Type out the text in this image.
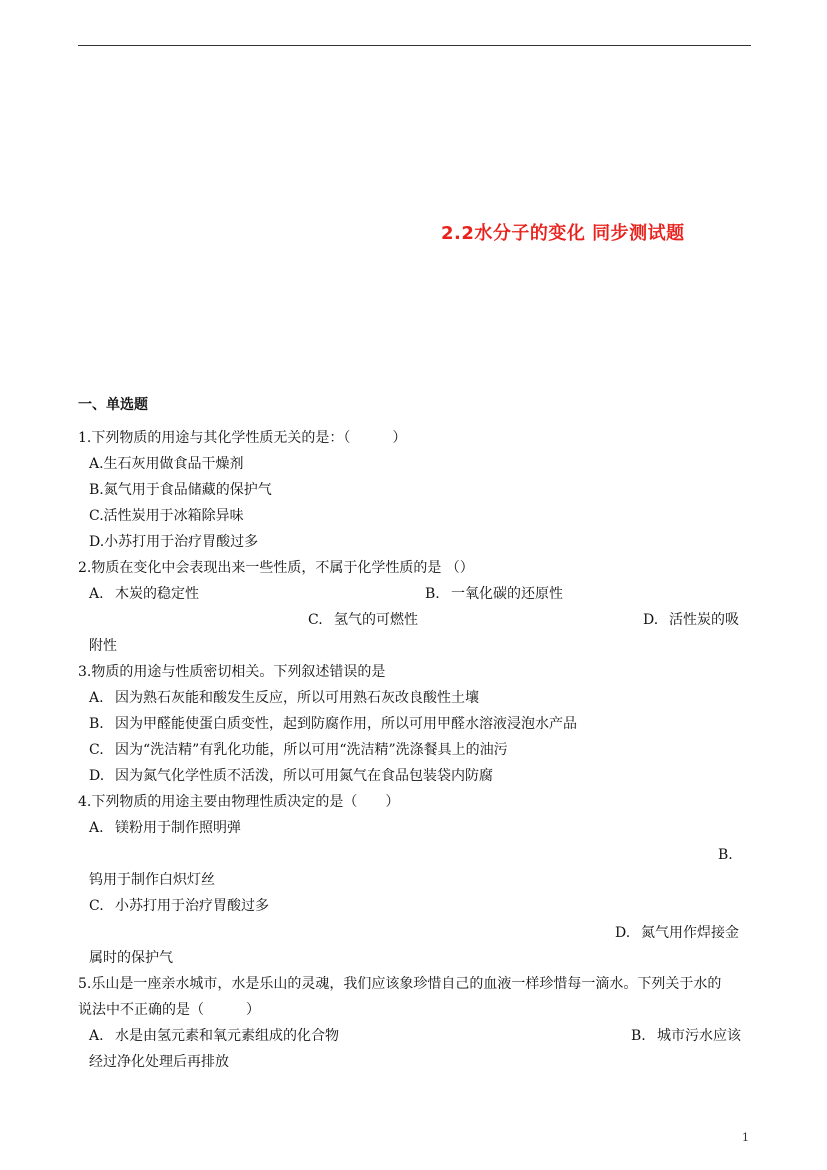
2.2水分子的变化 同步测试题
一、单选题
1.下列物质的用途与其化学性质无关的是：（　　　）
A.生石灰用做食品干燥剂
B.氮气用于食品储藏的保护气
C.活性炭用于冰箱除异味
D.小苏打用于治疗胃酸过多
2.物质在变化中会表现出来一些性质，不属于化学性质的是 （）
A. 木炭的稳定性	B. 一氧化碳的还原性
C. 氢气的可燃性	D. 活性炭的吸
附性
3.物质的用途与性质密切相关。下列叙述错误的是
A. 因为熟石灰能和酸发生反应，所以可用熟石灰改良酸性土壤
B. 因为甲醛能使蛋白质变性，起到防腐作用，所以可用甲醛水溶液浸泡水产品
C. 因为“洗洁精”有乳化功能，所以可用“洗洁精”洗涤餐具上的油污
D. 因为氮气化学性质不活泼，所以可用氮气在食品包装袋内防腐
4.下列物质的用途主要由物理性质决定的是（　　）
A. 镁粉用于制作照明弹
B.
钨用于制作白炽灯丝
C. 小苏打用于治疗胃酸过多
D. 氮气用作焊接金
属时的保护气
5.乐山是一座亲水城市，水是乐山的灵魂，我们应该象珍惜自己的血液一样珍惜每一滴水。下列关于水的
说法中不正确的是（　　　）
A. 水是由氢元素和氧元素组成的化合物	B. 城市污水应该
经过净化处理后再排放
1
